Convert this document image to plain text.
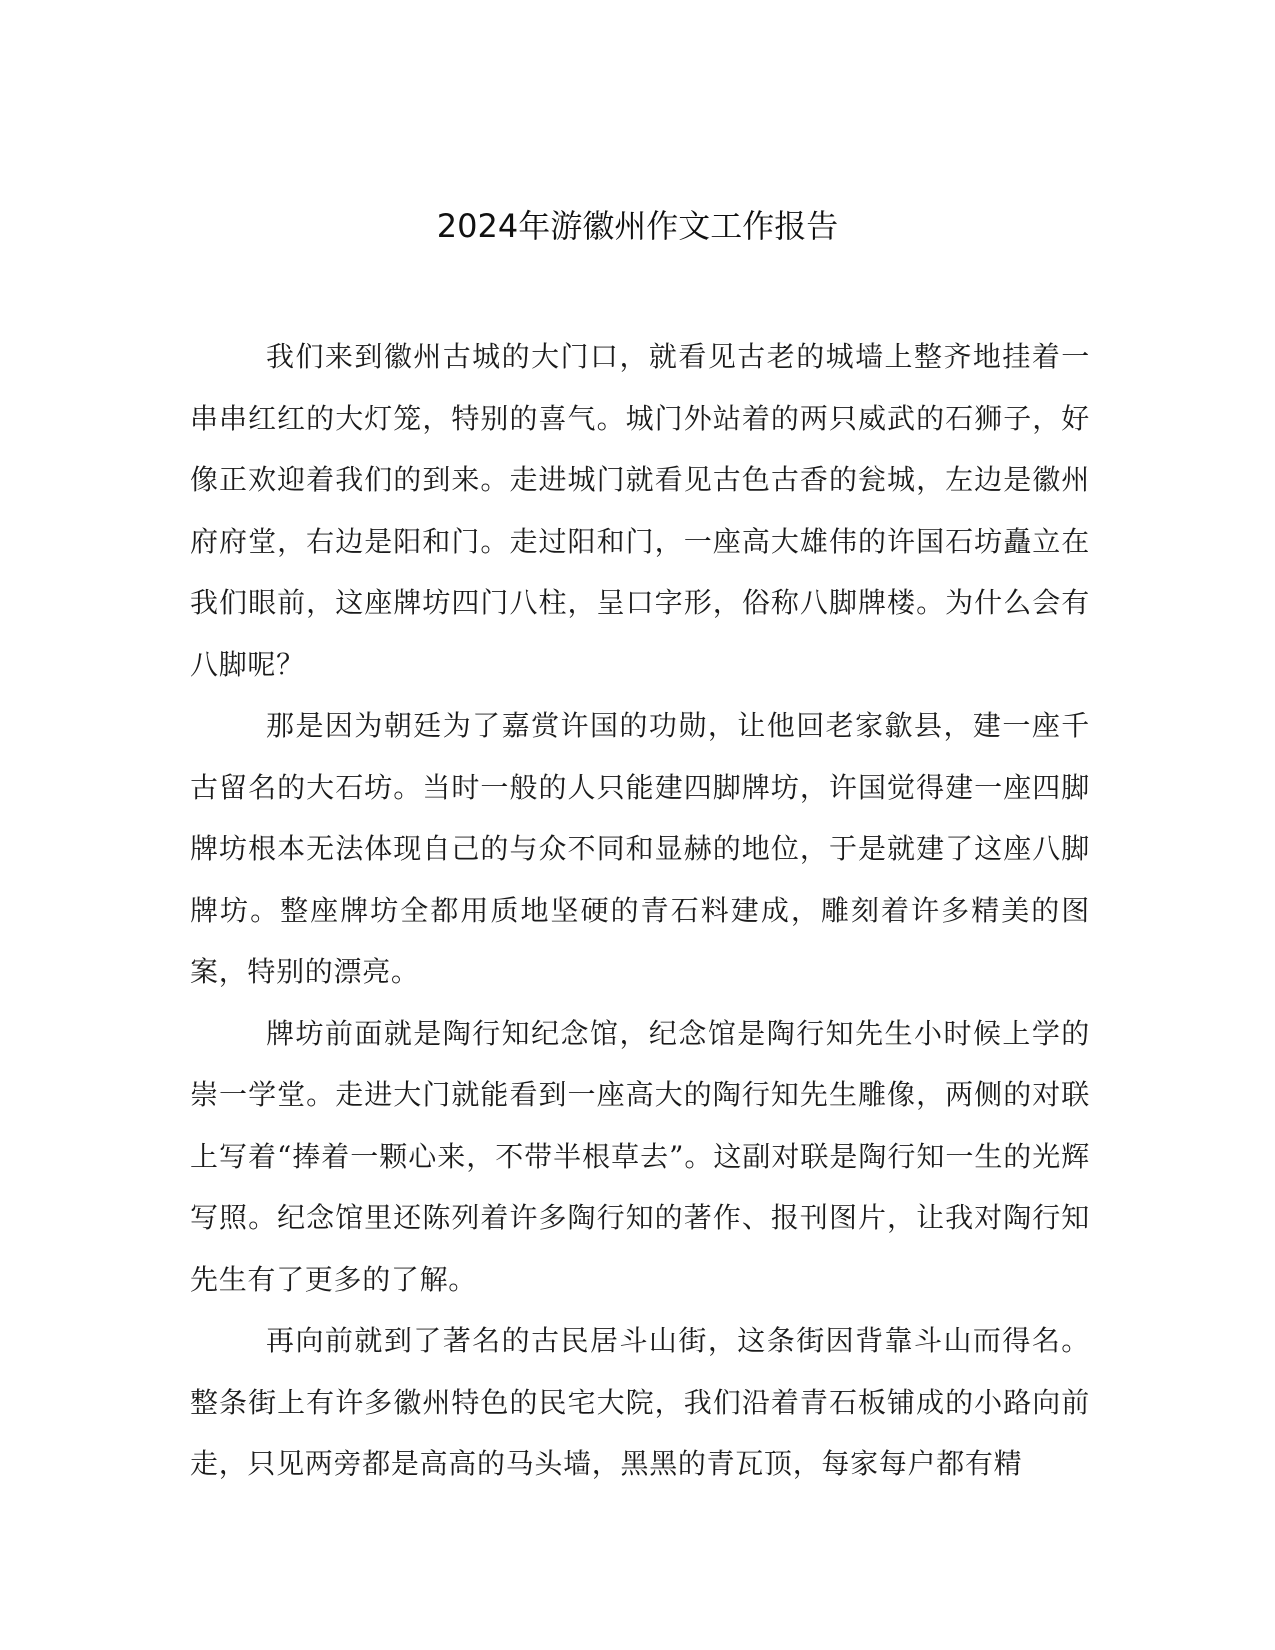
2024年游徽州作文工作报告

我们来到徽州古城的大门口，就看见古老的城墙上整齐地挂着一串串红红的大灯笼，特别的喜气。城门外站着的两只威武的石狮子，好像正欢迎着我们的到来。走进城门就看见古色古香的瓮城，左边是徽州府府堂，右边是阳和门。走过阳和门，一座高大雄伟的许国石坊矗立在我们眼前，这座牌坊四门八柱，呈口字形，俗称八脚牌楼。为什么会有八脚呢？

那是因为朝廷为了嘉赏许国的功勋，让他回老家歙县，建一座千古留名的大石坊。当时一般的人只能建四脚牌坊，许国觉得建一座四脚牌坊根本无法体现自己的与众不同和显赫的地位，于是就建了这座八脚牌坊。整座牌坊全都用质地坚硬的青石料建成，雕刻着许多精美的图案，特别的漂亮。

牌坊前面就是陶行知纪念馆，纪念馆是陶行知先生小时候上学的崇一学堂。走进大门就能看到一座高大的陶行知先生雕像，两侧的对联上写着“捧着一颗心来，不带半根草去”。这副对联是陶行知一生的光辉写照。纪念馆里还陈列着许多陶行知的著作、报刊图片，让我对陶行知先生有了更多的了解。

再向前就到了著名的古民居斗山街，这条街因背靠斗山而得名。整条街上有许多徽州特色的民宅大院，我们沿着青石板铺成的小路向前走，只见两旁都是高高的马头墙，黑黑的青瓦顶，每家每户都有精
